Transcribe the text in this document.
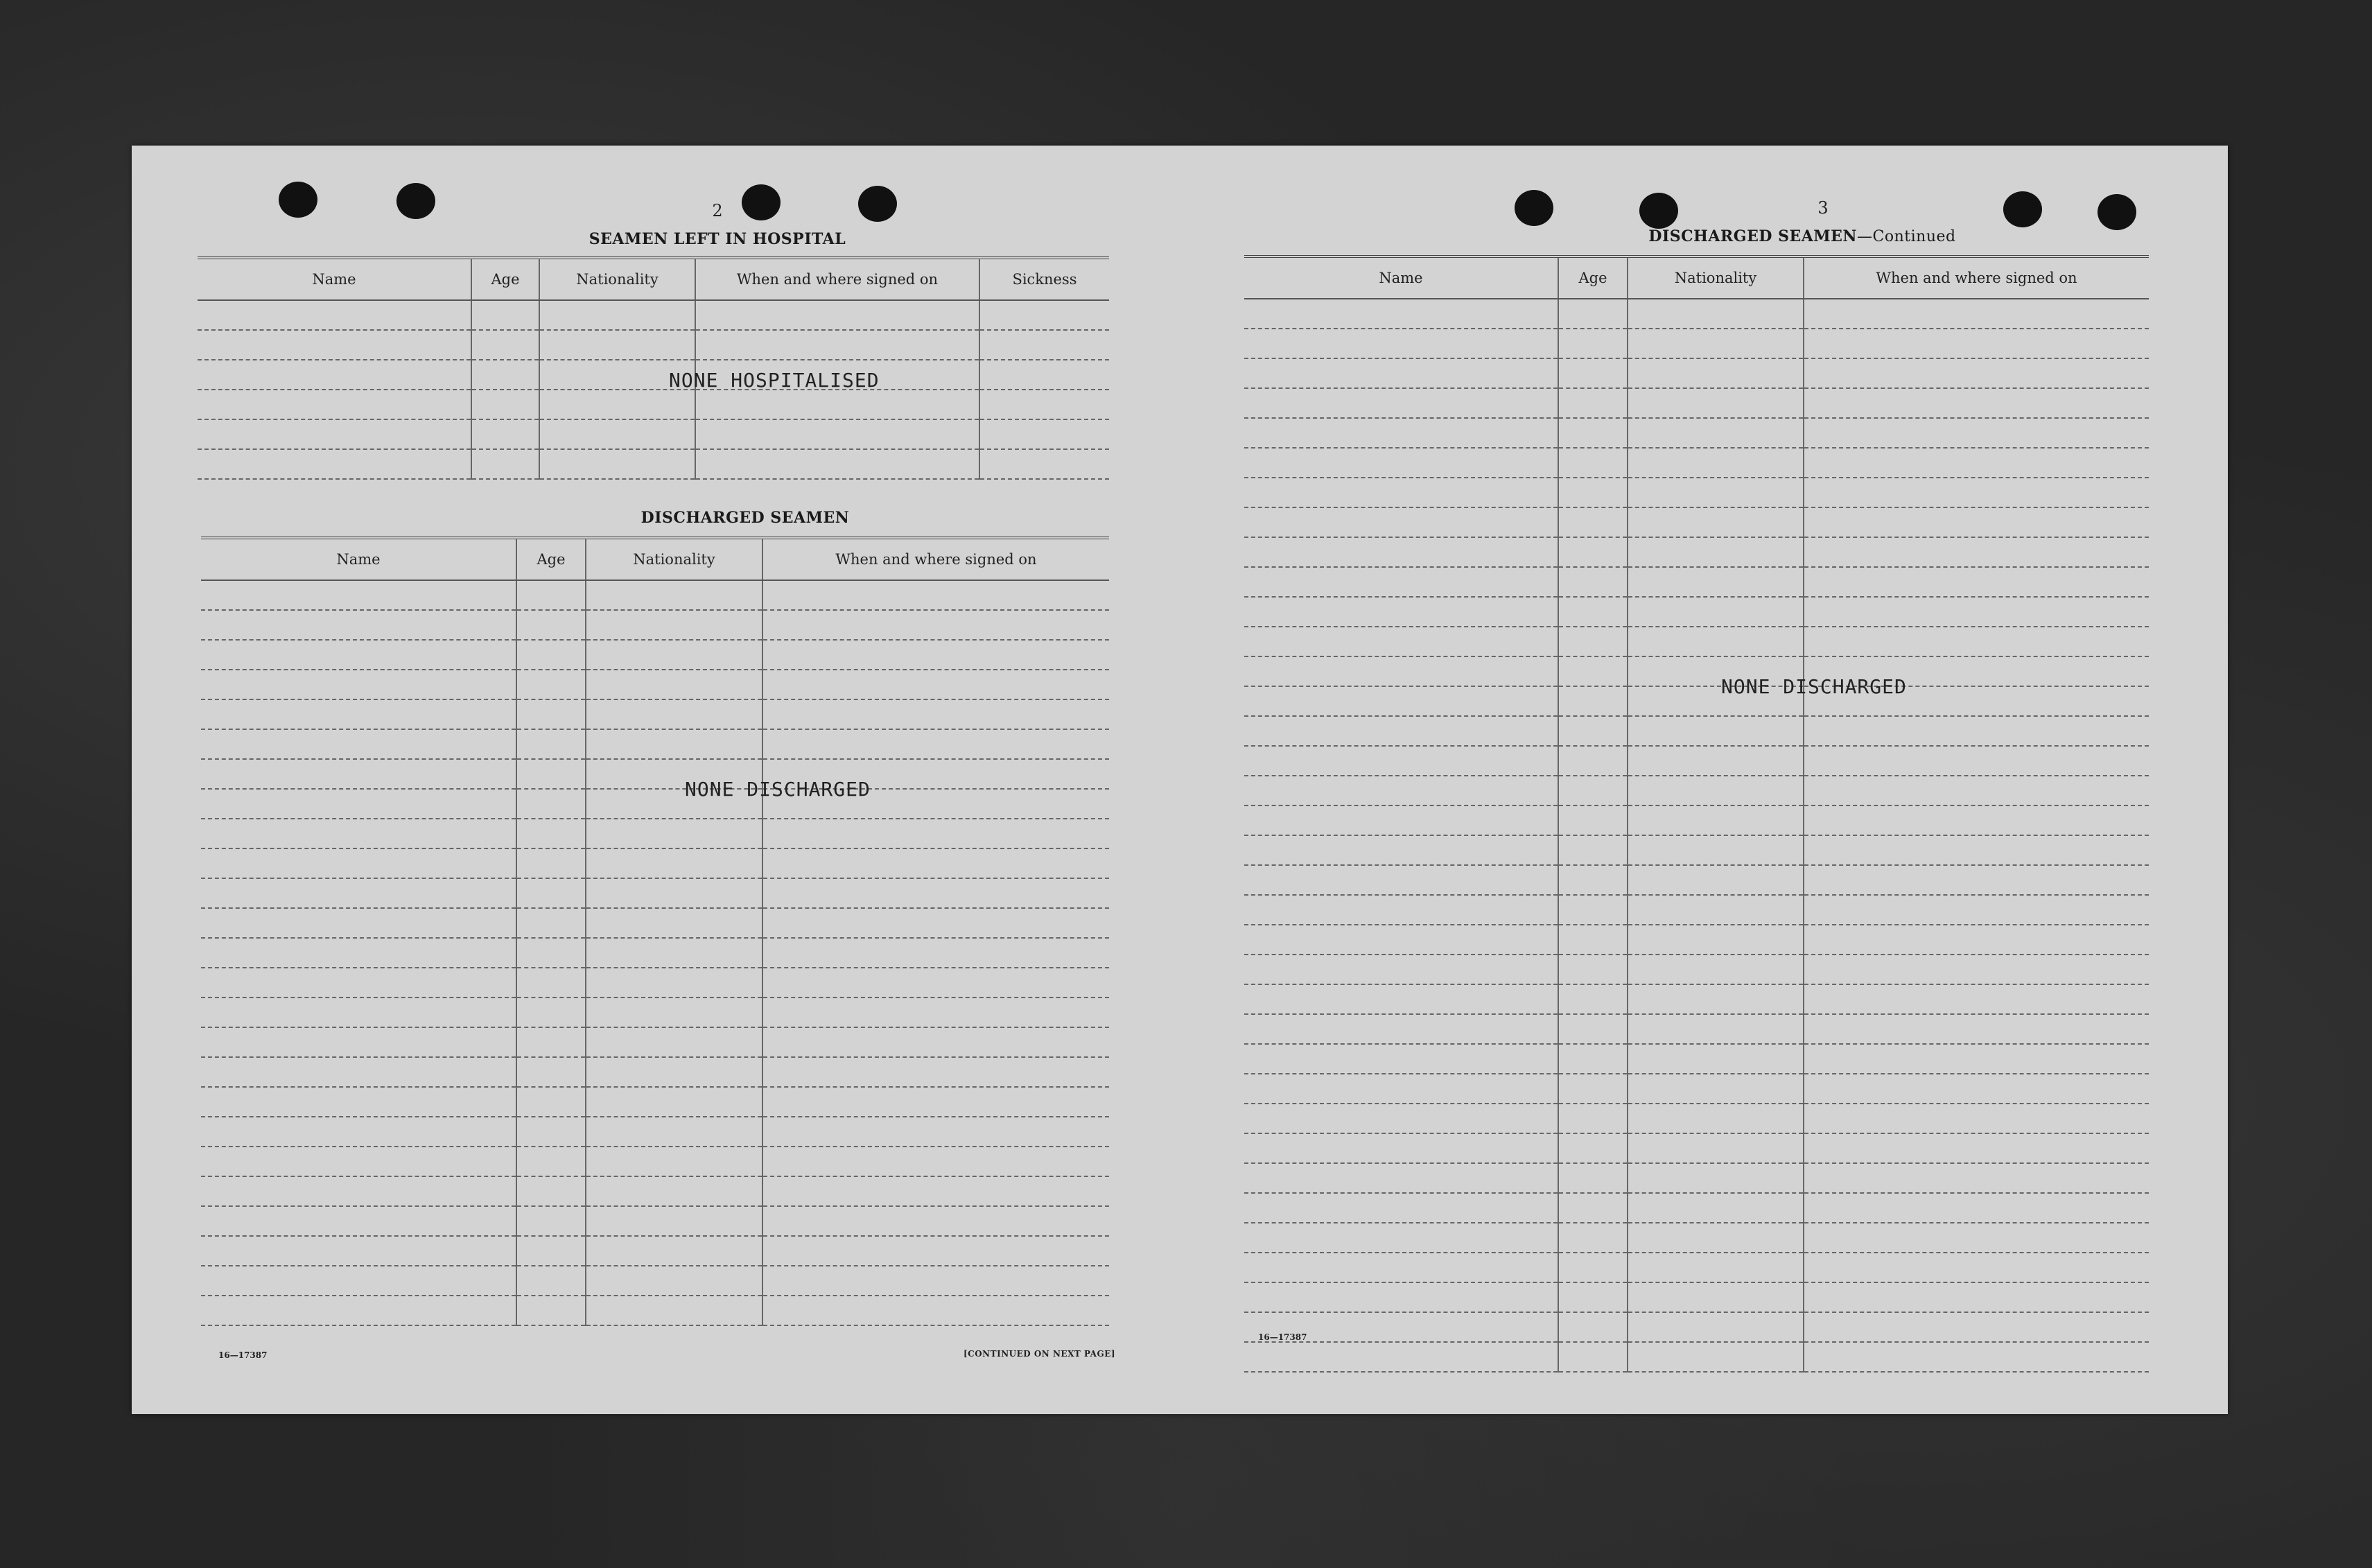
2
SEAMEN LEFT IN HOSPITAL
Name	Age	Nationality	When and where signed on	Sickness

NONE HOSPITALISED
DISCHARGED SEAMEN
Name	Age	Nationality	When and where signed on

NONE DISCHARGED
16—17387	[CONTINUED ON NEXT PAGE]
3
DISCHARGED SEAMEN—Continued
Name	Age	Nationality	When and where signed on

NONE DISCHARGED
16—17387
